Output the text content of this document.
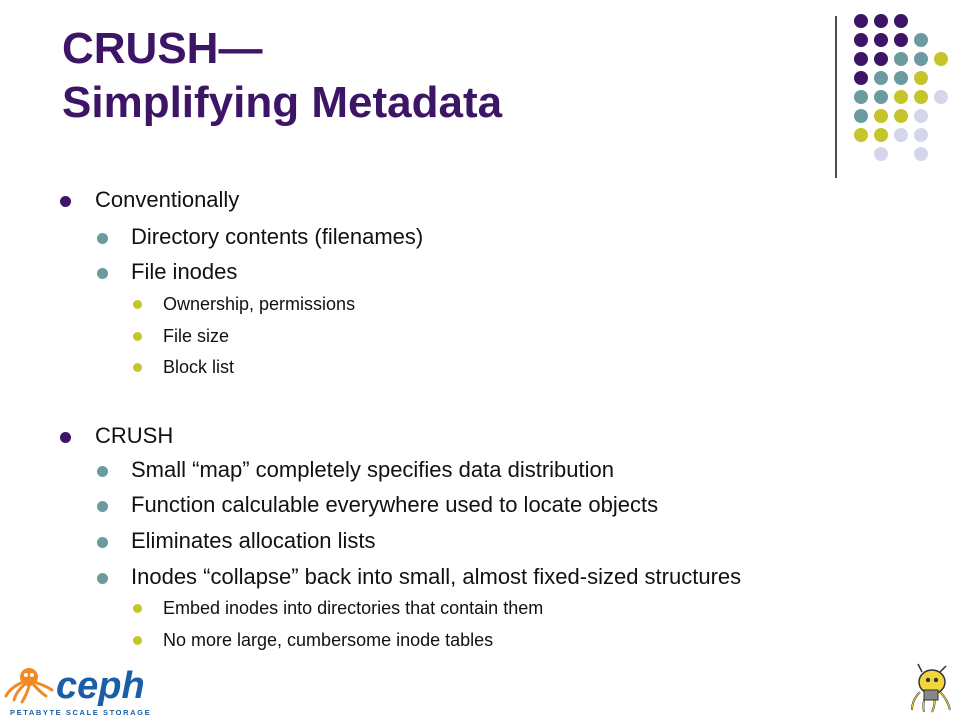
CRUSH—
Simplifying Metadata
Conventionally
Directory contents (filenames)
File inodes
Ownership, permissions
File size
Block list
CRUSH
Small “map” completely specifies data distribution
Function calculable everywhere used to locate objects
Eliminates allocation lists
Inodes “collapse” back into small, almost fixed-sized structures
Embed inodes into directories that contain them
No more large, cumbersome inode tables
ceph
PETABYTE SCALE STORAGE
